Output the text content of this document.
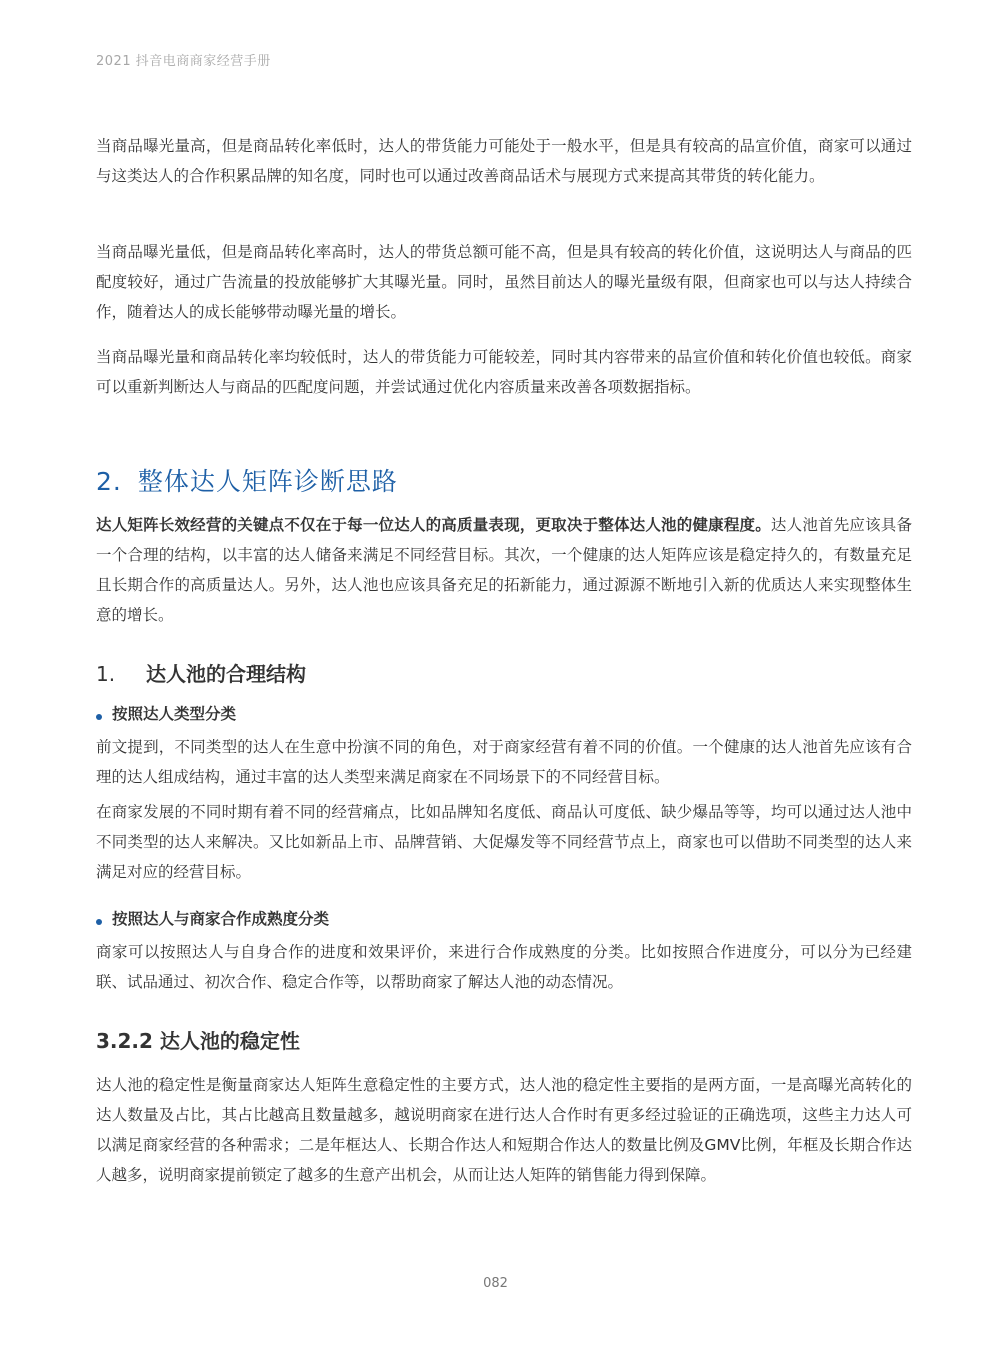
2021 抖音电商商家经营手册

当商品曝光量高，但是商品转化率低时，达人的带货能力可能处于一般水平，但是具有较高的品宣价值，商家可以通过与这类达人的合作积累品牌的知名度，同时也可以通过改善商品话术与展现方式来提高其带货的转化能力。

当商品曝光量低，但是商品转化率高时，达人的带货总额可能不高，但是具有较高的转化价值，这说明达人与商品的匹配度较好，通过广告流量的投放能够扩大其曝光量。同时，虽然目前达人的曝光量级有限，但商家也可以与达人持续合作，随着达人的成长能够带动曝光量的增长。

当商品曝光量和商品转化率均较低时，达人的带货能力可能较差，同时其内容带来的品宣价值和转化价值也较低。商家可以重新判断达人与商品的匹配度问题，并尝试通过优化内容质量来改善各项数据指标。

2. 整体达人矩阵诊断思路

达人矩阵长效经营的关键点不仅在于每一位达人的高质量表现，更取决于整体达人池的健康程度。达人池首先应该具备一个合理的结构，以丰富的达人储备来满足不同经营目标。其次，一个健康的达人矩阵应该是稳定持久的，有数量充足且长期合作的高质量达人。另外，达人池也应该具备充足的拓新能力，通过源源不断地引入新的优质达人来实现整体生意的增长。

1. 达人池的合理结构
按照达人类型分类

前文提到，不同类型的达人在生意中扮演不同的角色，对于商家经营有着不同的价值。一个健康的达人池首先应该有合理的达人组成结构，通过丰富的达人类型来满足商家在不同场景下的不同经营目标。

在商家发展的不同时期有着不同的经营痛点，比如品牌知名度低、商品认可度低、缺少爆品等等，均可以通过达人池中不同类型的达人来解决。又比如新品上市、品牌营销、大促爆发等不同经营节点上，商家也可以借助不同类型的达人来满足对应的经营目标。

按照达人与商家合作成熟度分类

商家可以按照达人与自身合作的进度和效果评价，来进行合作成熟度的分类。比如按照合作进度分，可以分为已经建联、试品通过、初次合作、稳定合作等，以帮助商家了解达人池的动态情况。

3.2.2 达人池的稳定性

达人池的稳定性是衡量商家达人矩阵生意稳定性的主要方式，达人池的稳定性主要指的是两方面，一是高曝光高转化的达人数量及占比，其占比越高且数量越多，越说明商家在进行达人合作时有更多经过验证的正确选项，这些主力达人可以满足商家经营的各种需求；二是年框达人、长期合作达人和短期合作达人的数量比例及GMV比例，年框及长期合作达人越多，说明商家提前锁定了越多的生意产出机会，从而让达人矩阵的销售能力得到保障。

082
